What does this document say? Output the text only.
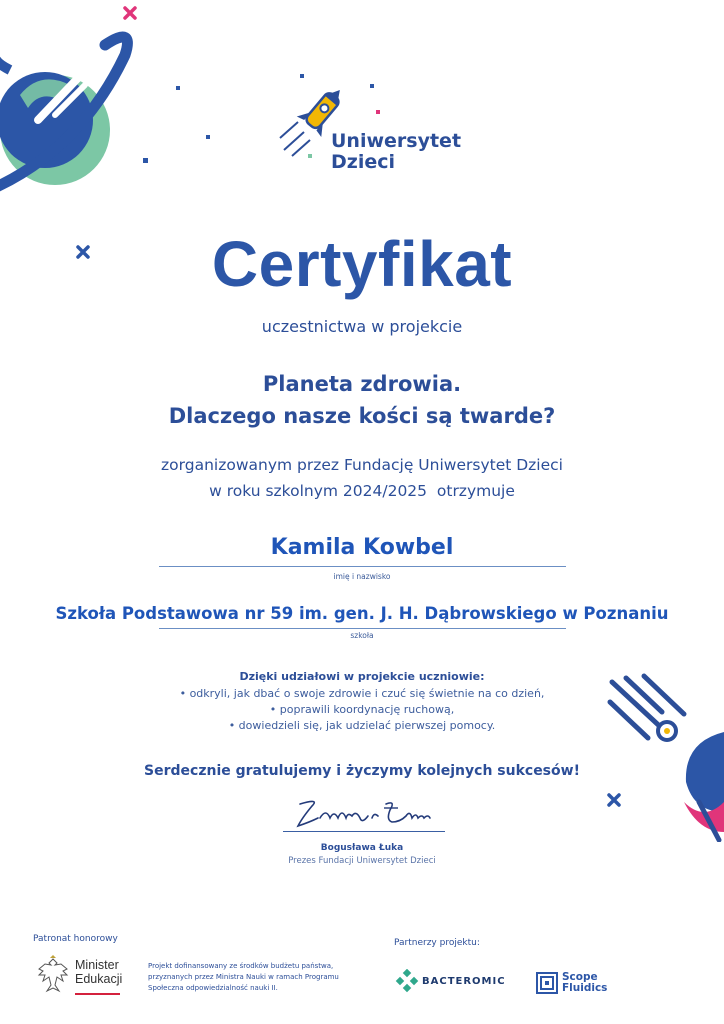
Uniwersytet
Dzieci
Certyfikat
uczestnictwa w projekcie
Planeta zdrowia.
Dlaczego nasze kości są twarde?
zorganizowanym przez Fundację Uniwersytet Dzieci
w roku szkolnym 2024/2025  otrzymuje
Kamila Kowbel
imię i nazwisko
Szkoła Podstawowa nr 59 im. gen. J. H. Dąbrowskiego w Poznaniu
szkoła
Dzięki udziałowi w projekcie uczniowie:
• odkryli, jak dbać o swoje zdrowie i czuć się świetnie na co dzień,
• poprawili koordynację ruchową,
• dowiedzieli się, jak udzielać pierwszej pomocy.
Serdecznie gratulujemy i życzymy kolejnych sukcesów!
Bogusława Łuka
Prezes Fundacji Uniwersytet Dzieci
Patronat honorowy
Minister
Edukacji
Projekt dofinansowany ze środków budżetu państwa,
przyznanych przez Ministra Nauki w ramach Programu
Społeczna odpowiedzialność nauki II.
Partnerzy projektu:
BACTEROMIC	Scope
Fluidics
